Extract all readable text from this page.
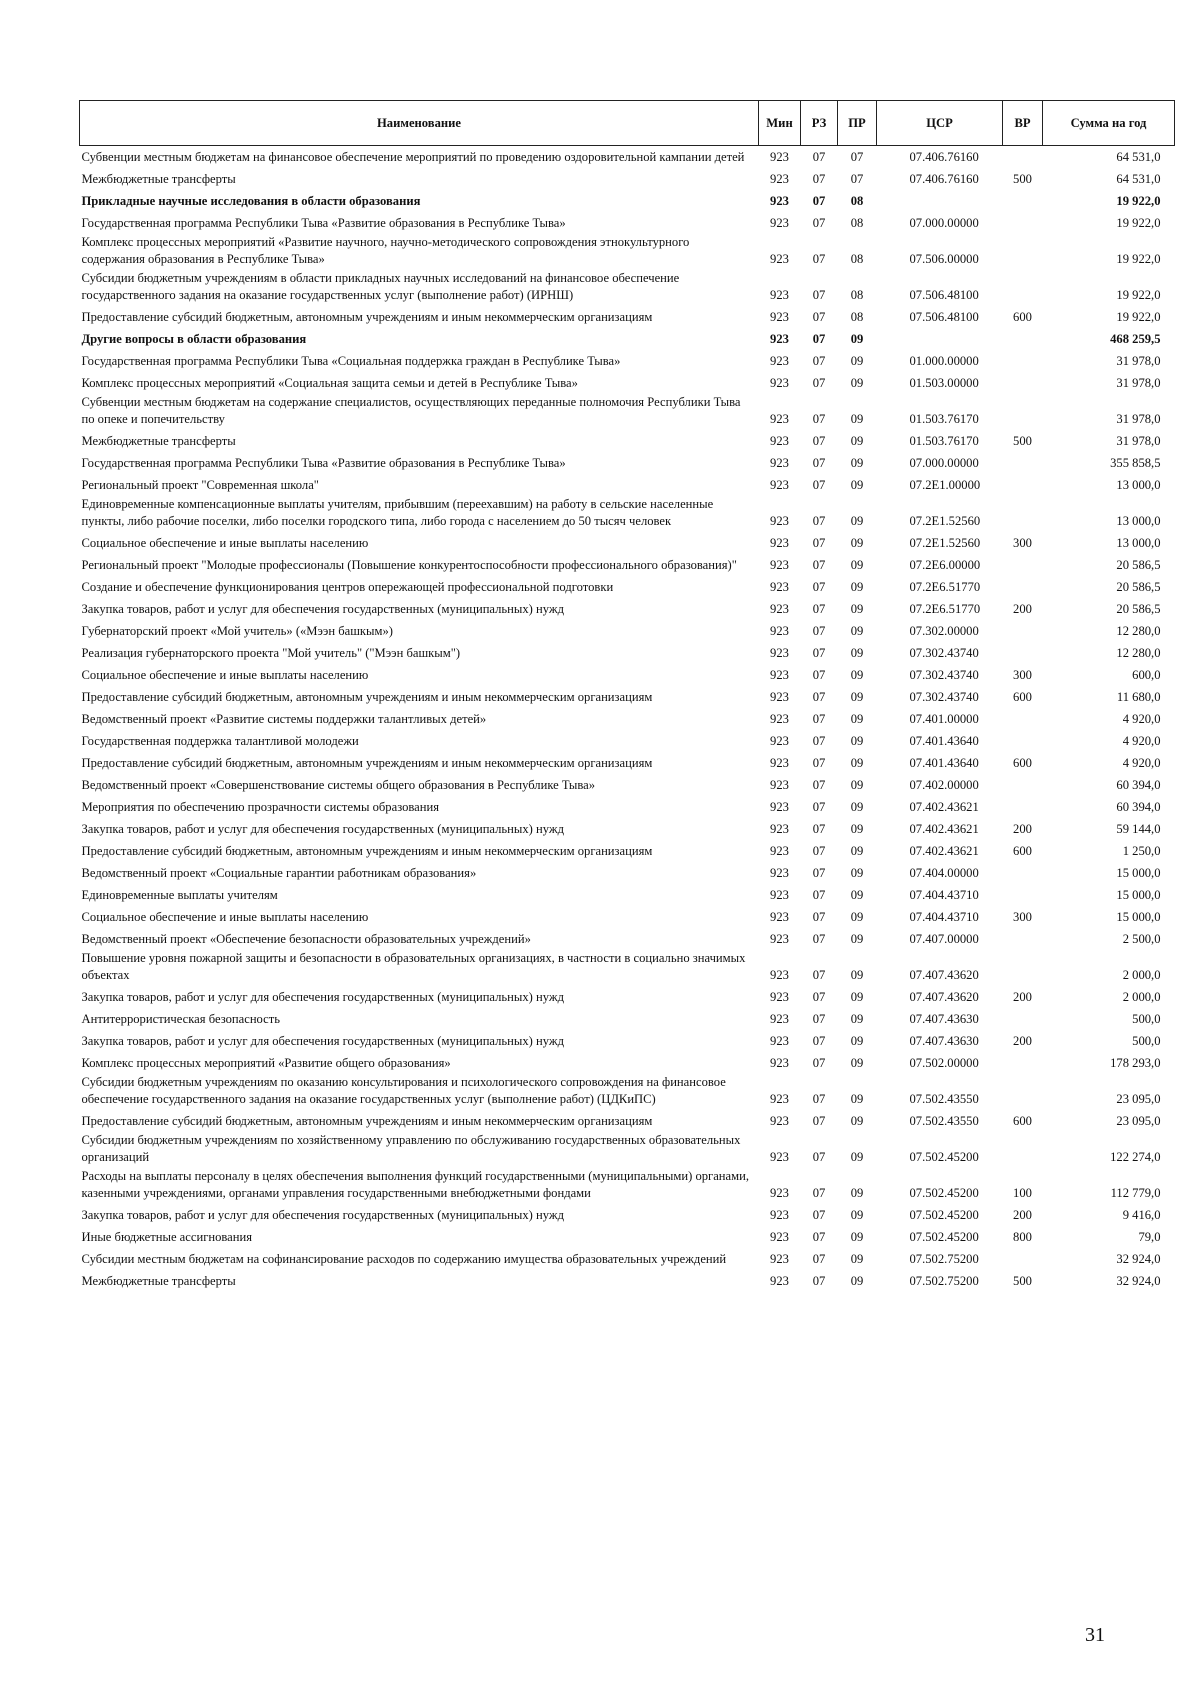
Наименование	Мин	РЗ	ПР	ЦСР	ВР	Сумма на год
Субвенции местным бюджетам на финансовое обеспечение мероприятий по проведению оздоровительной кампании детей	923	07	07	07.406.76160		64 531,0
Межбюджетные трансферты	923	07	07	07.406.76160	500	64 531,0
Прикладные научные исследования в области образования	923	07	08			19 922,0
Государственная программа Республики Тыва «Развитие образования в Республике Тыва»	923	07	08	07.000.00000		19 922,0
Комплекс процессных мероприятий «Развитие научного, научно-методического сопровождения этнокультурного содержания образования в Республике Тыва»	923	07	08	07.506.00000		19 922,0
Субсидии бюджетным учреждениям в области прикладных научных исследований на финансовое обеспечение государственного задания на оказание государственных услуг (выполнение работ) (ИРНШ)	923	07	08	07.506.48100		19 922,0
Предоставление субсидий бюджетным, автономным учреждениям и иным некоммерческим организациям	923	07	08	07.506.48100	600	19 922,0
Другие вопросы в области образования	923	07	09			468 259,5
Государственная программа Республики Тыва «Социальная поддержка граждан в Республике Тыва»	923	07	09	01.000.00000		31 978,0
Комплекс процессных мероприятий «Социальная защита семьи и детей в Республике Тыва»	923	07	09	01.503.00000		31 978,0
Субвенции местным бюджетам на содержание специалистов, осуществляющих переданные полномочия Республики Тыва по опеке и попечительству	923	07	09	01.503.76170		31 978,0
Межбюджетные трансферты	923	07	09	01.503.76170	500	31 978,0
Государственная программа Республики Тыва «Развитие образования в Республике Тыва»	923	07	09	07.000.00000		355 858,5
Региональный проект "Современная школа"	923	07	09	07.2Е1.00000		13 000,0
Единовременные компенсационные выплаты учителям, прибывшим (переехавшим) на работу в сельские населенные пункты, либо рабочие поселки, либо поселки городского типа, либо города с населением до 50 тысяч человек	923	07	09	07.2Е1.52560		13 000,0
Социальное обеспечение и иные выплаты населению	923	07	09	07.2Е1.52560	300	13 000,0
Региональный проект "Молодые профессионалы (Повышение конкурентоспособности профессионального образования)"	923	07	09	07.2Е6.00000		20 586,5
Создание и обеспечение функционирования центров опережающей профессиональной подготовки	923	07	09	07.2Е6.51770		20 586,5
Закупка товаров, работ и услуг для обеспечения государственных (муниципальных) нужд	923	07	09	07.2Е6.51770	200	20 586,5
Губернаторский проект «Мой учитель» («Мээн башкым»)	923	07	09	07.302.00000		12 280,0
Реализация губернаторского проекта "Мой учитель" ("Мээн башкым")	923	07	09	07.302.43740		12 280,0
Социальное обеспечение и иные выплаты населению	923	07	09	07.302.43740	300	600,0
Предоставление субсидий бюджетным, автономным учреждениям и иным некоммерческим организациям	923	07	09	07.302.43740	600	11 680,0
Ведомственный проект «Развитие системы поддержки талантливых детей»	923	07	09	07.401.00000		4 920,0
Государственная поддержка талантливой молодежи	923	07	09	07.401.43640		4 920,0
Предоставление субсидий бюджетным, автономным учреждениям и иным некоммерческим организациям	923	07	09	07.401.43640	600	4 920,0
Ведомственный проект «Совершенствование системы общего образования в Республике Тыва»	923	07	09	07.402.00000		60 394,0
Мероприятия по обеспечению прозрачности системы образования	923	07	09	07.402.43621		60 394,0
Закупка товаров, работ и услуг для обеспечения государственных (муниципальных) нужд	923	07	09	07.402.43621	200	59 144,0
Предоставление субсидий бюджетным, автономным учреждениям и иным некоммерческим организациям	923	07	09	07.402.43621	600	1 250,0
Ведомственный проект «Социальные гарантии работникам образования»	923	07	09	07.404.00000		15 000,0
Единовременные выплаты учителям	923	07	09	07.404.43710		15 000,0
Социальное обеспечение и иные выплаты населению	923	07	09	07.404.43710	300	15 000,0
Ведомственный проект «Обеспечение безопасности образовательных учреждений»	923	07	09	07.407.00000		2 500,0
Повышение уровня пожарной защиты и безопасности в образовательных организациях, в частности в социально значимых объектах	923	07	09	07.407.43620		2 000,0
Закупка товаров, работ и услуг для обеспечения государственных (муниципальных) нужд	923	07	09	07.407.43620	200	2 000,0
Антитеррористическая безопасность	923	07	09	07.407.43630		500,0
Закупка товаров, работ и услуг для обеспечения государственных (муниципальных) нужд	923	07	09	07.407.43630	200	500,0
Комплекс процессных мероприятий «Развитие общего образования»	923	07	09	07.502.00000		178 293,0
Субсидии бюджетным учреждениям по оказанию консультирования и психологического сопровождения на финансовое обеспечение государственного задания на оказание государственных услуг (выполнение работ) (ЦДКиПС)	923	07	09	07.502.43550		23 095,0
Предоставление субсидий бюджетным, автономным учреждениям и иным некоммерческим организациям	923	07	09	07.502.43550	600	23 095,0
Субсидии бюджетным учреждениям по хозяйственному управлению по обслуживанию государственных образовательных организаций	923	07	09	07.502.45200		122 274,0
Расходы на выплаты персоналу в целях обеспечения выполнения функций государственными (муниципальными) органами, казенными учреждениями, органами управления государственными внебюджетными фондами	923	07	09	07.502.45200	100	112 779,0
Закупка товаров, работ и услуг для обеспечения государственных (муниципальных) нужд	923	07	09	07.502.45200	200	9 416,0
Иные бюджетные ассигнования	923	07	09	07.502.45200	800	79,0
Субсидии местным бюджетам на софинансирование расходов по содержанию имущества образовательных учреждений	923	07	09	07.502.75200		32 924,0
Межбюджетные трансферты	923	07	09	07.502.75200	500	32 924,0
31
